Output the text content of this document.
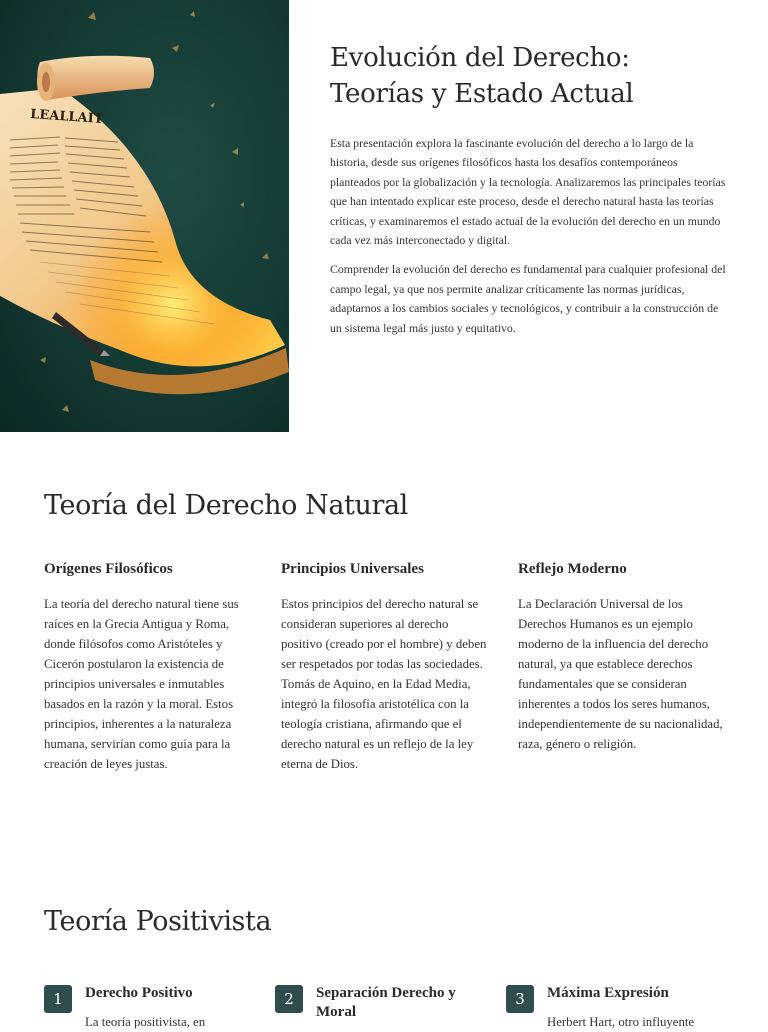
LEALLAIT
Evolución del Derecho: Teorías y Estado Actual

Esta presentación explora la fascinante evolución del derecho a lo largo de la historia, desde sus orígenes filosóficos hasta los desafíos contemporáneos planteados por la globalización y la tecnología. Analizaremos las principales teorías que han intentado explicar este proceso, desde el derecho natural hasta las teorías críticas, y examinaremos el estado actual de la evolución del derecho en un mundo cada vez más interconectado y digital.

Comprender la evolución del derecho es fundamental para cualquier profesional del campo legal, ya que nos permite analizar críticamente las normas jurídicas, adaptarnos a los cambios sociales y tecnológicos, y contribuir a la construcción de un sistema legal más justo y equitativo.

Teoría del Derecho Natural
Orígenes Filosóficos

La teoría del derecho natural tiene sus raíces en la Grecia Antigua y Roma, donde filósofos como Aristóteles y Cicerón postularon la existencia de principios universales e inmutables basados en la razón y la moral. Estos principios, inherentes a la naturaleza humana, servirían como guía para la creación de leyes justas.

Principios Universales

Estos principios del derecho natural se consideran superiores al derecho positivo (creado por el hombre) y deben ser respetados por todas las sociedades. Tomás de Aquino, en la Edad Media, integró la filosofía aristotélica con la teología cristiana, afirmando que el derecho natural es un reflejo de la ley eterna de Dios.

Reflejo Moderno

La Declaración Universal de los Derechos Humanos es un ejemplo moderno de la influencia del derecho natural, ya que establece derechos fundamentales que se consideran inherentes a todos los seres humanos, independientemente de su nacionalidad, raza, género o religión.

Teoría Positivista
1	Derecho Positivo

La teoría positivista, en

2	Separación Derecho y Moral

3	Máxima Expresión

Herbert Hart, otro influyente
